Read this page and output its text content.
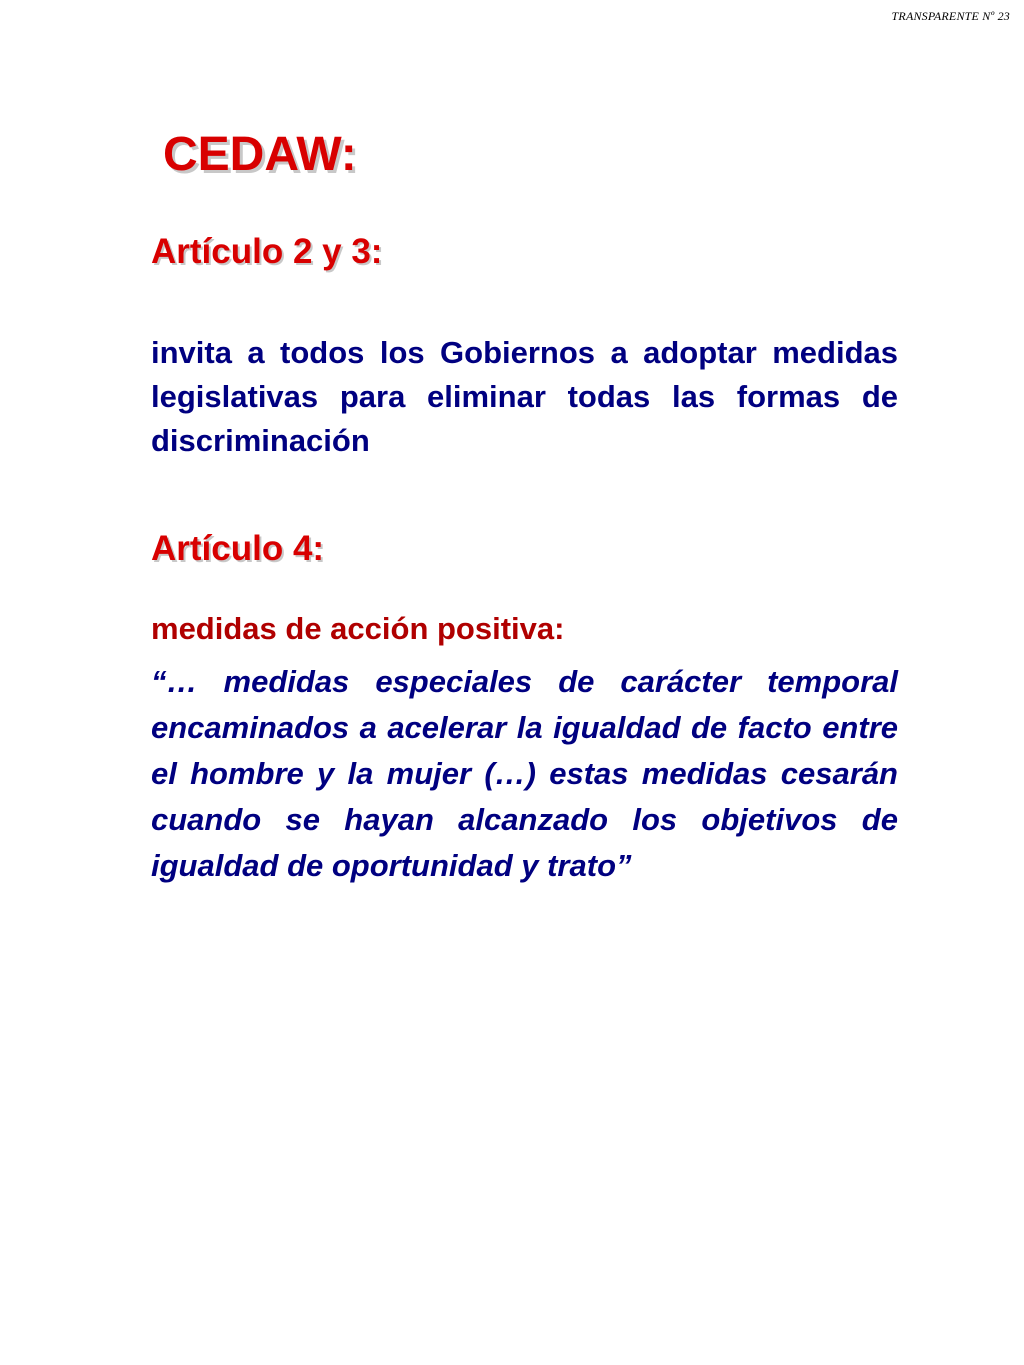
TRANSPARENTE Nº 23
CEDAW:
Artículo 2 y 3:

invita a todos los Gobiernos a adoptar medidas legislativas para eliminar todas las formas de discriminación

Artículo 4:

medidas de acción positiva:

“… medidas especiales de carácter temporal encaminados a acelerar la igualdad de facto entre el hombre y la mujer (…) estas medidas cesarán cuando se hayan alcanzado los objetivos de igualdad de oportunidad y trato”
